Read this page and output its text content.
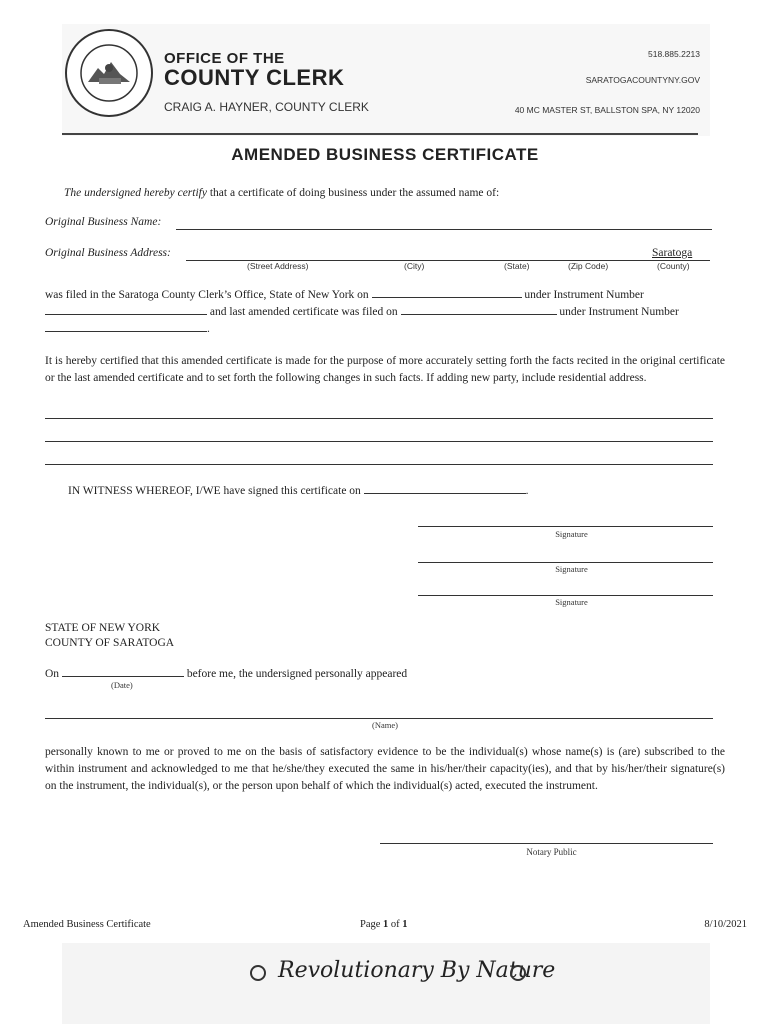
OFFICE OF THE
COUNTY CLERK
CRAIG A. HAYNER, COUNTY CLERK
518.885.2213
SARATOGACOUNTYNY.GOV
40 MC MASTER ST, BALLSTON SPA, NY 12020
AMENDED BUSINESS CERTIFICATE
The undersigned hereby certify that a certificate of doing business under the assumed name of:
Original Business Name:
Original Business Address:	Saratoga
(Street Address)	(City)	(State)	(Zip Code)	(County)
was filed in the Saratoga County Clerk’s Office, State of New York on	under Instrument Number
and last amended certificate was filed on	under Instrument Number
.
It is hereby certified that this amended certificate is made for the purpose of more accurately setting forth the facts recited in the original certificate or the last amended certificate and to set forth the following changes in such facts. If adding new party, include residential address.
IN WITNESS WHEREOF, I/WE have signed this certificate on	.
Signature
Signature
Signature
STATE OF NEW YORK
COUNTY OF SARATOGA
On	before me, the undersigned personally appeared
(Date)
(Name)
personally known to me or proved to me on the basis of satisfactory evidence to be the individual(s) whose name(s) is (are) subscribed to the within instrument and acknowledged to me that he/she/they executed the same in his/her/their capacity(ies), and that by his/her/their signature(s) on the instrument, the individual(s), or the person upon behalf of which the individual(s) acted, executed the instrument.
Notary Public
Amended Business Certificate	Page 1 of 1	8/10/2021
Revolutionary By Nature
